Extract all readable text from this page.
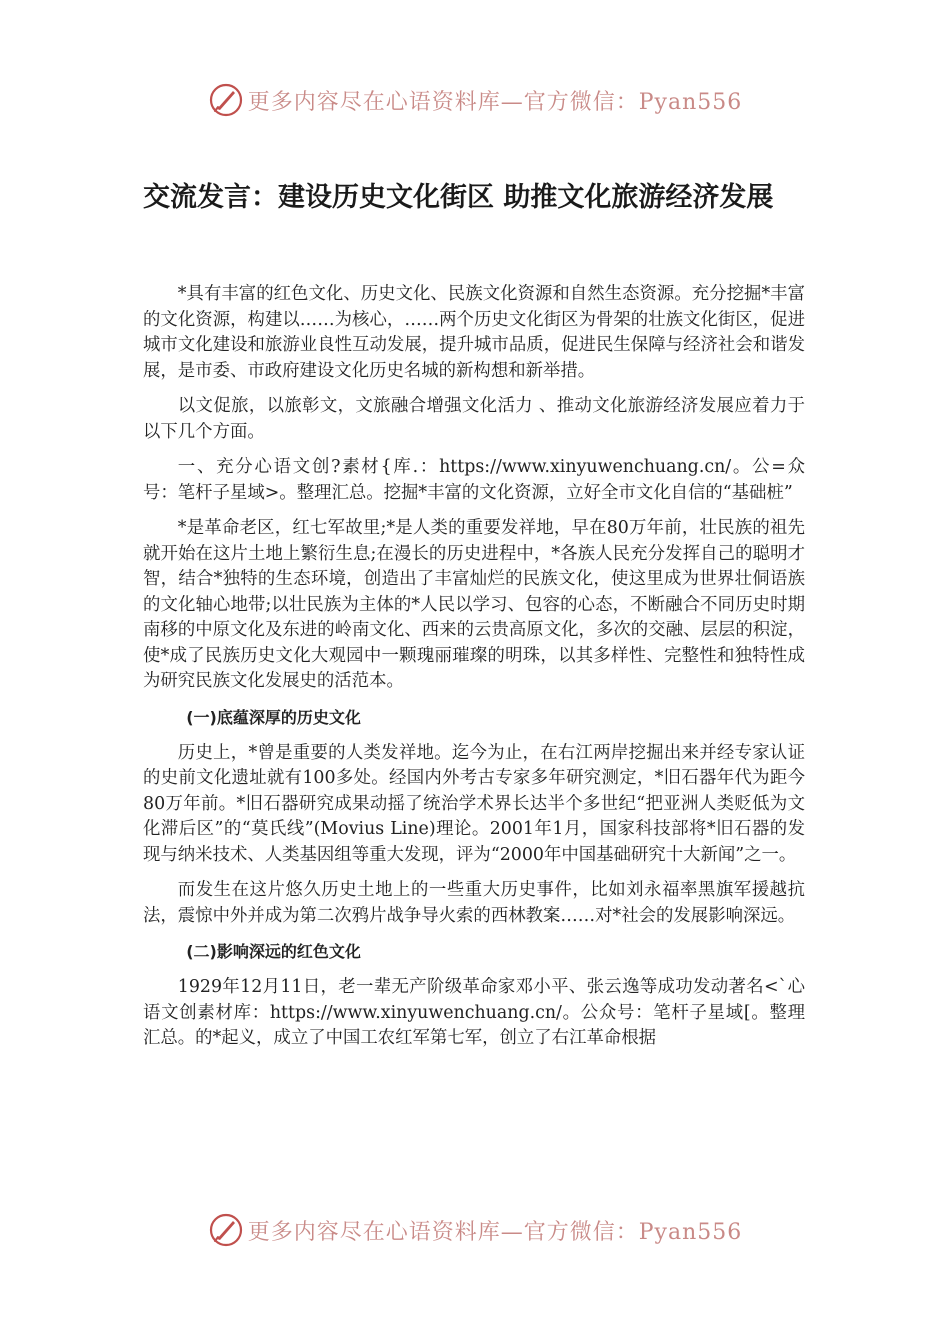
更多内容尽在心语资料库—官方微信：Pyan556
交流发言：建设历史文化街区 助推文化旅游经济发展

*具有丰富的红色文化、历史文化、民族文化资源和自然生态资源。充分挖掘*丰富的文化资源，构建以……为核心，……两个历史文化街区为骨架的壮族文化街区，促进城市文化建设和旅游业良性互动发展，提升城市品质，促进民生保障与经济社会和谐发展，是市委、市政府建设文化历史名城的新构想和新举措。

以文促旅，以旅彰文，文旅融合增强文化活力 、推动文化旅游经济发展应着力于以下几个方面。

一、充分心语文创?素材{库.：https://www.xinyuwenchuang.cn/。公=众号：笔杆子星域>。整理汇总。挖掘*丰富的文化资源，立好全市文化自信的“基础桩”

*是革命老区，红七军故里;*是人类的重要发祥地，早在80万年前，壮民族的祖先就开始在这片土地上繁衍生息;在漫长的历史进程中，*各族人民充分发挥自己的聪明才智，结合*独特的生态环境，创造出了丰富灿烂的民族文化，使这里成为世界壮侗语族的文化轴心地带;以壮民族为主体的*人民以学习、包容的心态，不断融合不同历史时期南移的中原文化及东进的岭南文化、西来的云贵高原文化，多次的交融、层层的积淀，使*成了民族历史文化大观园中一颗瑰丽璀璨的明珠，以其多样性、完整性和独特性成为研究民族文化发展史的活范本。

(一)底蕴深厚的历史文化

历史上，*曾是重要的人类发祥地。迄今为止，在右江两岸挖掘出来并经专家认证的史前文化遗址就有100多处。经国内外考古专家多年研究测定，*旧石器年代为距今80万年前。*旧石器研究成果动摇了统治学术界长达半个多世纪“把亚洲人类贬低为文化滞后区”的“莫氏线”(Movius Line)理论。2001年1月，国家科技部将*旧石器的发现与纳米技术、人类基因组等重大发现，评为“2000年中国基础研究十大新闻”之一。

而发生在这片悠久历史土地上的一些重大历史事件，比如刘永福率黑旗军援越抗法，震惊中外并成为第二次鸦片战争导火索的西林教案……对*社会的发展影响深远。

(二)影响深远的红色文化

1929年12月11日，老一辈无产阶级革命家邓小平、张云逸等成功发动著名<`心语文创素材库：https://www.xinyuwenchuang.cn/。公众号：笔杆子星域[。整理汇总。的*起义，成立了中国工农红军第七军，创立了右江革命根据

更多内容尽在心语资料库—官方微信：Pyan556
